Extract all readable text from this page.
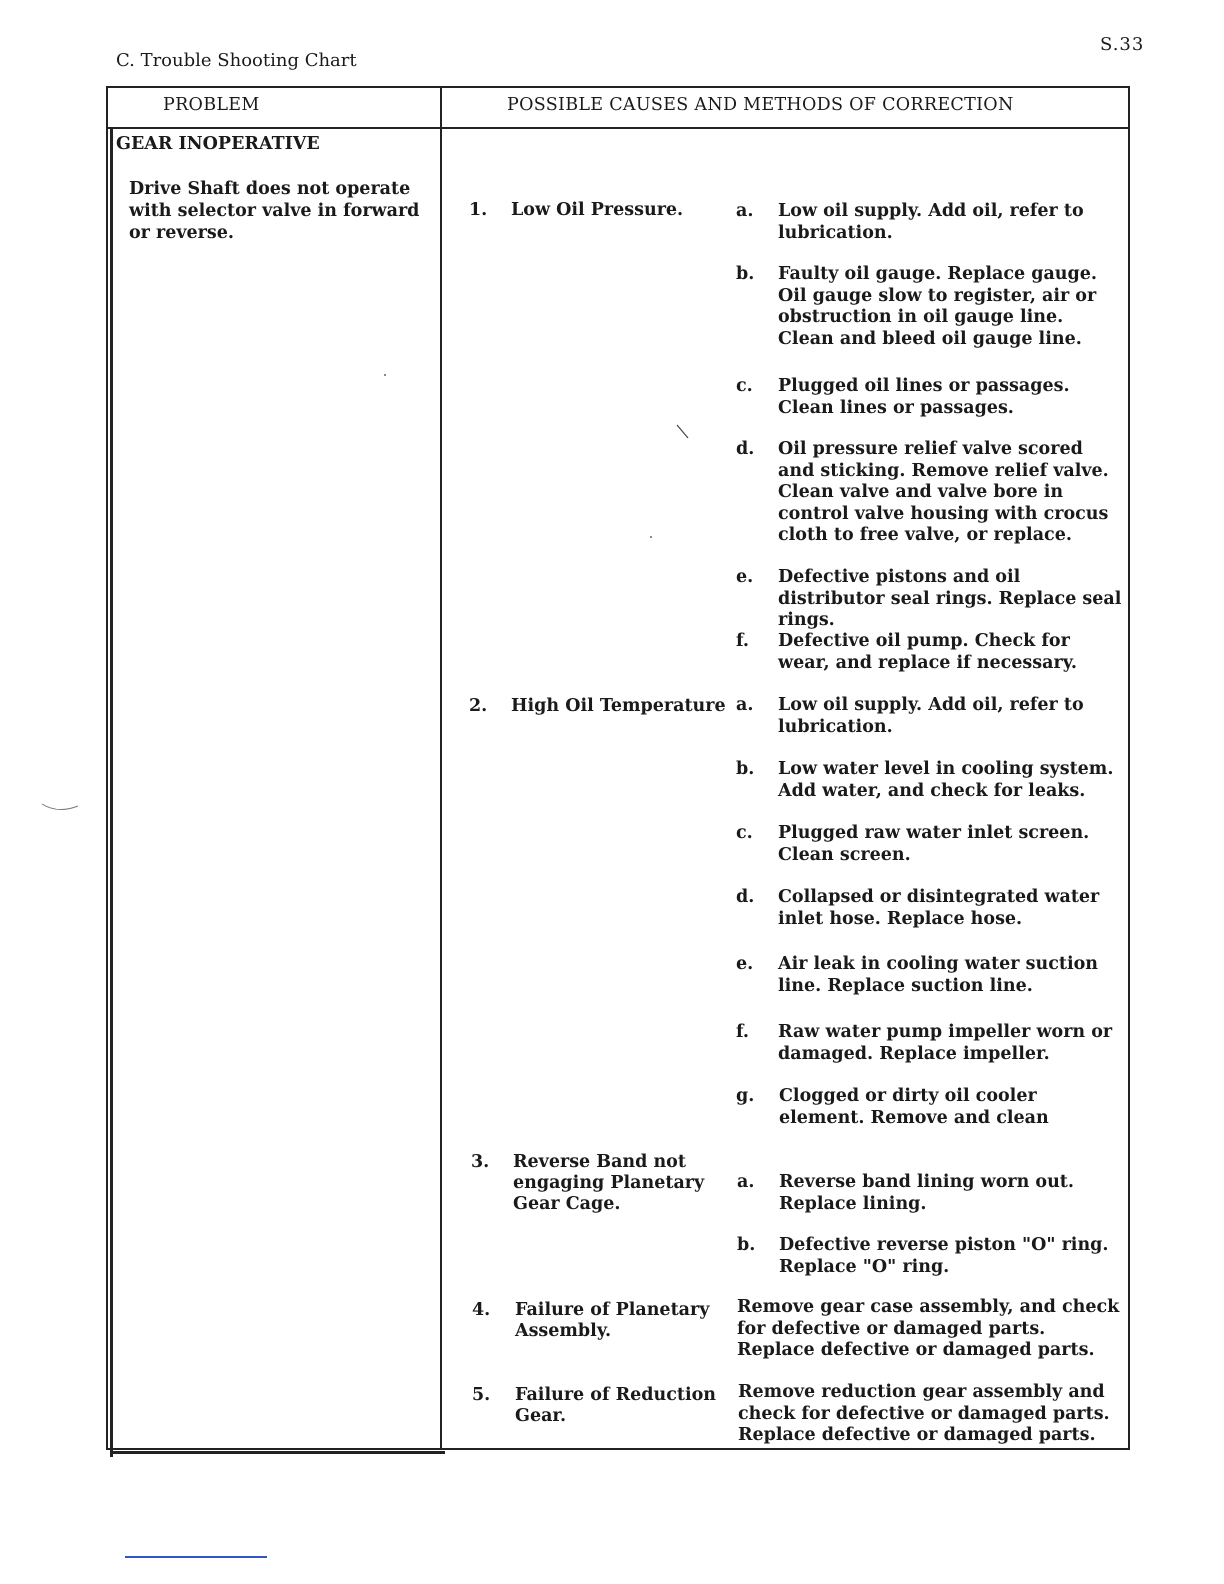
S.33
C. Trouble Shooting Chart
PROBLEM	POSSIBLE CAUSES AND METHODS OF CORRECTION
GEAR INOPERATIVE
Drive Shaft does not operate with selector valve in forward or reverse.
1. Low Oil Pressure.	a. Low oil supply. Add oil, refer to lubrication.
b. Faulty oil gauge. Replace gauge. Oil gauge slow to register, air or obstruction in oil gauge line. Clean and bleed oil gauge line.
c. Plugged oil lines or passages. Clean lines or passages.
d. Oil pressure relief valve scored and sticking. Remove relief valve. Clean valve and valve bore in control valve housing with crocus cloth to free valve, or replace.
e. Defective pistons and oil distributor seal rings. Replace seal rings.
f. Defective oil pump. Check for wear, and replace if necessary.
2. High Oil Temperature a. Low oil supply. Add oil, refer to lubrication.
b. Low water level in cooling system. Add water, and check for leaks.
c. Plugged raw water inlet screen. Clean screen.
d. Collapsed or disintegrated water inlet hose. Replace hose.
e. Air leak in cooling water suction line. Replace suction line.
f. Raw water pump impeller worn or damaged. Replace impeller.
g. Clogged or dirty oil cooler element. Remove and clean
3. Reverse Band not engaging Planetary Gear Cage.
a. Reverse band lining worn out. Replace lining.
b. Defective reverse piston "O" ring. Replace "O" ring.
4. Failure of Planetary Assembly.
Remove gear case assembly, and check for defective or damaged parts. Replace defective or damaged parts.
5. Failure of Reduction Gear.
Remove reduction gear assembly and check for defective or damaged parts. Replace defective or damaged parts.
